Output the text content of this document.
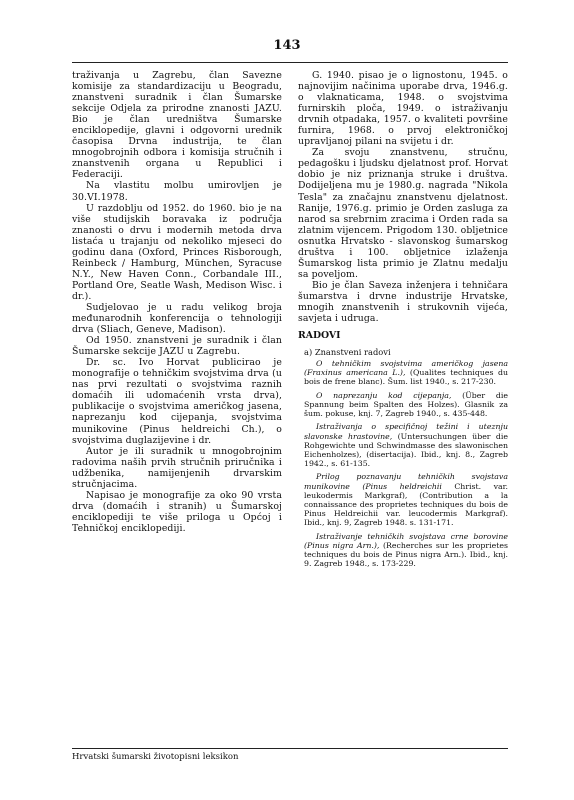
143

traživanja u Zagrebu, član Savezne komisije za standardizaciju u Beogradu, znanstveni suradnik i član Šumarske sekcije Odjela za prirodne znanosti JAZU. Bio je član uredništva Šumarske enciklopedije, glavni i odgovorni urednik časopisa Drvna industrija, te član mnogobrojnih odbora i komisija stručnih i znanstvenih organa u Republici i Federaciji.

Na vlastitu molbu umirovljen je 30.VI.1978.

U razdoblju od 1952. do 1960. bio je na više studijskih boravaka iz područja znanosti o drvu i modernih metoda drva listaća u trajanju od nekoliko mjeseci do godinu dana (Oxford, Princes Risborough, Reinbeck / Hamburg, München, Syracuse N.Y., New Haven Conn., Corbandale III., Portland Ore, Seatle Wash, Medison Wisc. i dr.).

Sudjelovao je u radu velikog broja međunarodnih konferencija o tehnologiji drva (Sliach, Geneve, Madison).

Od 1950. znanstveni je suradnik i član Šumarske sekcije JAZU u Zagrebu.

Dr. sc. Ivo Horvat publicirao je monografije o tehničkim svojstvima drva (u nas prvi rezultati o svojstvima raznih domaćih ili udomaćenih vrsta drva), publikacije o svojstvima američkog jasena, naprezanju kod cijepanja, svojstvima munikovine (Pinus heldreichi Ch.), o svojstvima duglazijevine i dr.

Autor je ili suradnik u mnogobrojnim radovima naših prvih stručnih priručnika i udžbenika, namijenjenih drvarskim stručnjacima.

Napisao je monografije za oko 90 vrsta drva (domaćih i stranih) u Šumarskoj enciklopediji te više priloga u Općoj i Tehničkoj enciklopediji.

G. 1940. pisao je o lignostonu, 1945. o najnovijim načinima uporabe drva, 1946.g. o vlaknaticama, 1948. o svojstvima furnirskih ploča, 1949. o istraživanju drvnih otpadaka, 1957. o kvaliteti površine furnira, 1968. o prvoj elektroničkoj upravljanoj pilani na svijetu i dr.

Za svoju znanstvenu, stručnu, pedagošku i ljudsku djelatnost prof. Horvat dobio je niz priznanja struke i društva. Dodijeljena mu je 1980.g. nagrada "Nikola Tesla" za značajnu znanstvenu djelatnost. Ranije, 1976.g. primio je Orden zasluga za narod sa srebrnim zracima i Orden rada sa zlatnim vijencem. Prigodom 130. obljetnice osnutka Hrvatsko - slavonskog šumarskog društva i 100. obljetnice izlaženja Šumarskog lista primio je Zlatnu medalju sa poveljom.

Bio je član Saveza inženjera i tehničara šumarstva i drvne industrije Hrvatske, mnogih znanstvenih i strukovnih vijeća, savjeta i udruga.

RADOVI
a) Znanstveni radovi

O tehničkim svojstvima američkog jasena (Fraxinus americana L.), (Qualites techniques du bois de frene blanc). Šum. list 1940., s. 217-230.

O naprezanju kod cijepanja, (Über die Spannung beim Spalten des Holzes). Glasnik za šum. pokuse, knj. 7, Zagreb 1940., s. 435-448.

Istraživanja o specifičnoj težini i uteznju slavonske hrastovine, (Untersuchungen über die Rohgewichte und Schwindmasse des slawonischen Eichenholzes), (disertacija). Ibid., knj. 8., Zagreb 1942., s. 61-135.

Prilog poznavanju tehničkih svojstava munikovine (Pinus heldreichii Christ. var. leukodermis Markgraf), (Contribution a la connaissance des proprietes techniques du bois de Pinus Heldreichii var. leucodermis Markgraf). Ibid., knj. 9, Zagreb 1948. s. 131-171.

Istraživanje tehničkih svojstava crne borovine (Pinus nigra Arn.), (Recherches sur les proprietes techniques du bois de Pinus nigra Arn.). Ibid., knj. 9. Zagreb 1948., s. 173-229.

Hrvatski šumarski životopisni leksikon
